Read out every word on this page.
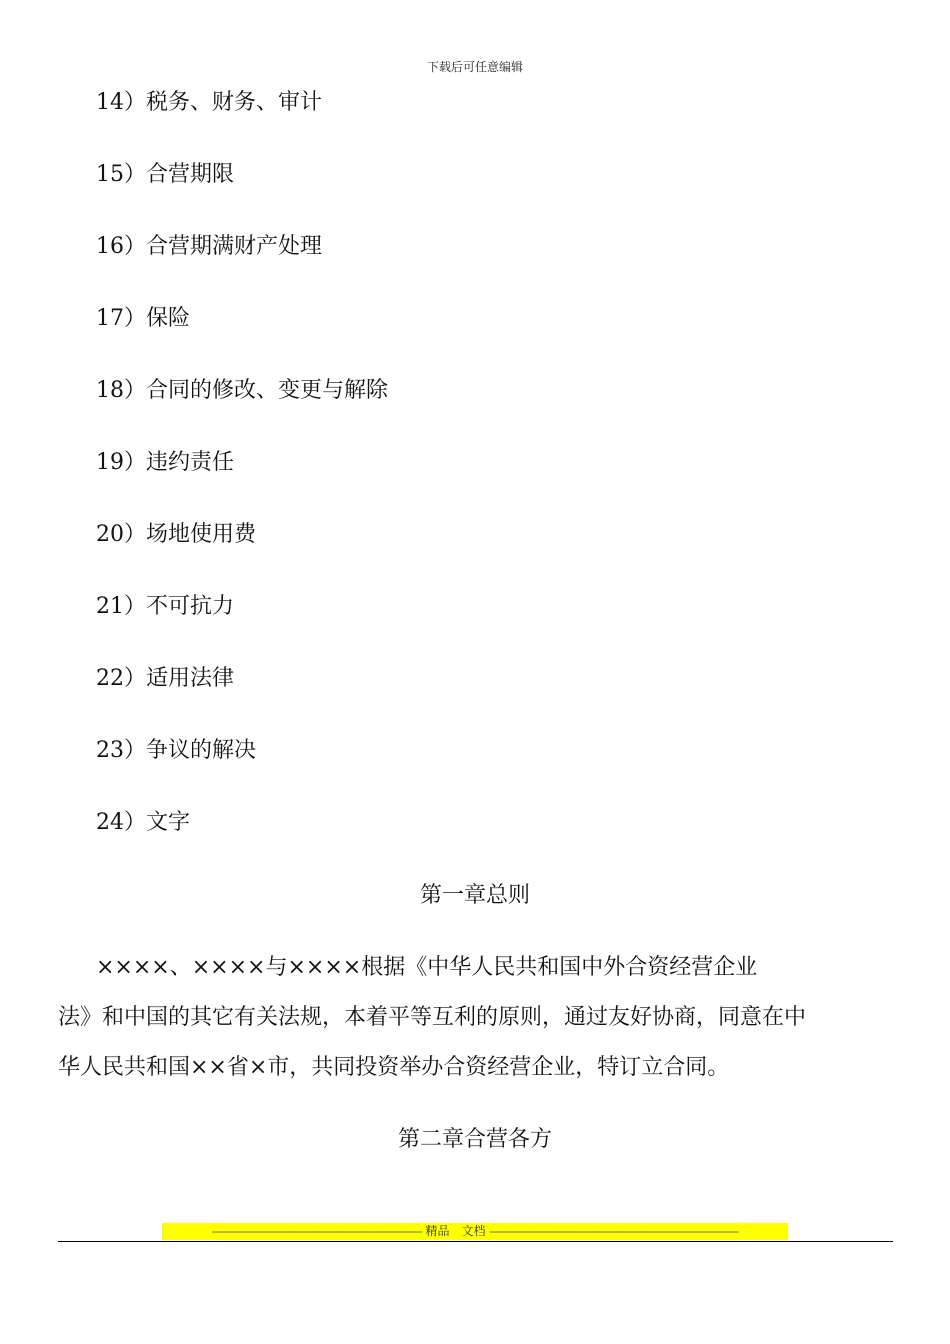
下载后可任意编辑
14）税务、财务、审计
15）合营期限
16）合营期满财产处理
17）保险
18）合同的修改、变更与解除
19）违约责任
20）场地使用费
21）不可抗力
22）适用法律
23）争议的解决
24）文字
第一章总则
××××、××××与××××根据《中华人民共和国中外合资经营企业
法》和中国的其它有关法规，本着平等互利的原则，通过友好协商，同意在中
华人民共和国××省×市，共同投资举办合资经营企业，特订立合同。
第二章合营各方
---------------------------------------------------------------------- 精品　文档 -----------------------------------------------------------------------------------
